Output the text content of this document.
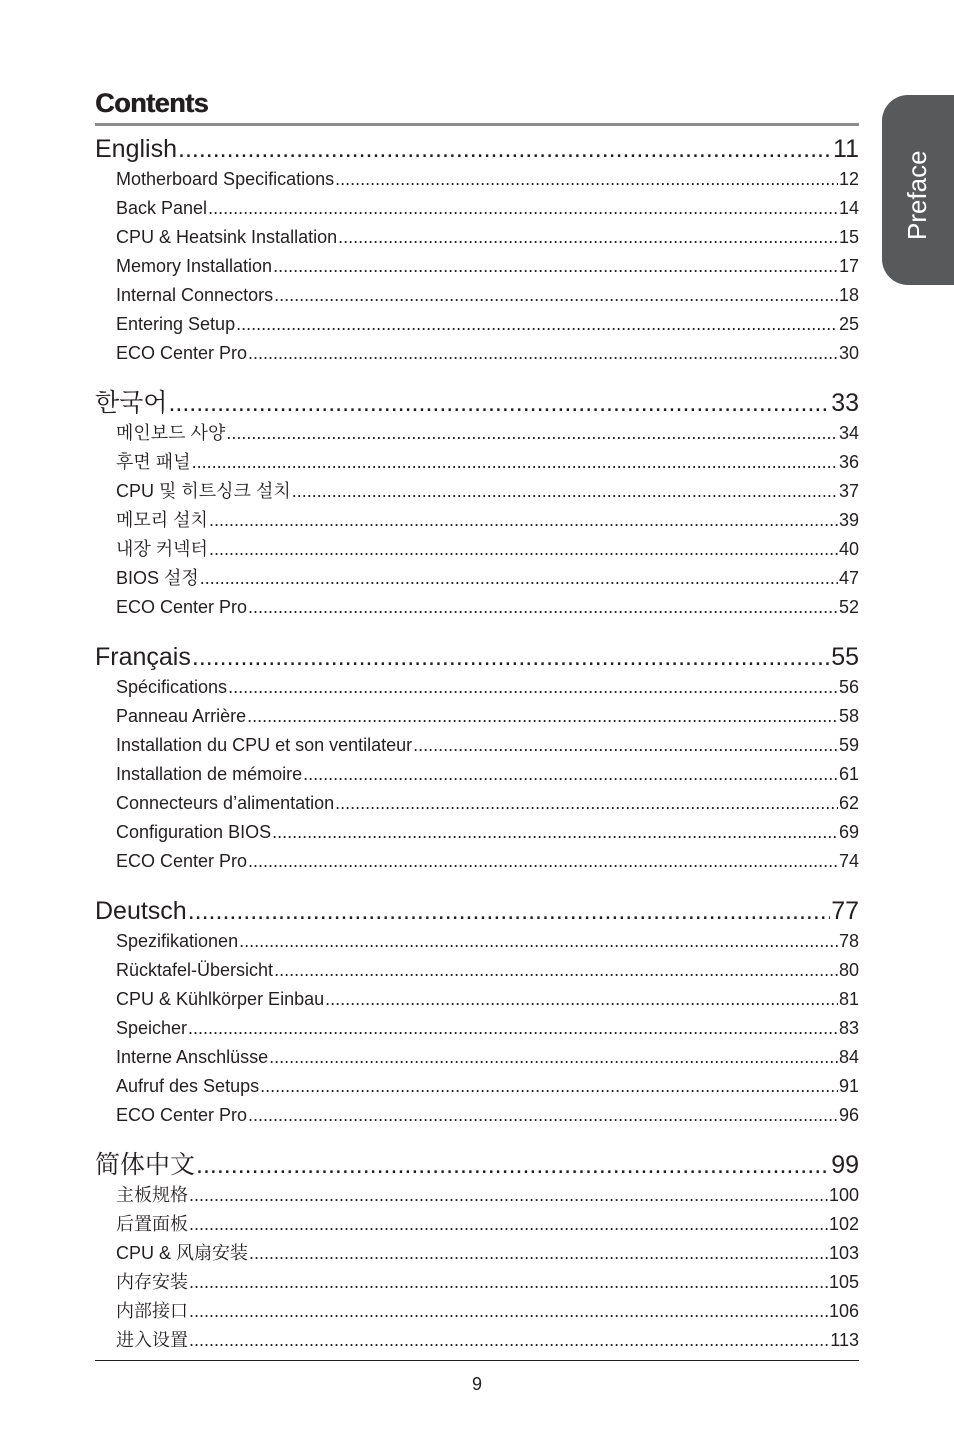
Contents
Preface
English .....	11
Motherboard Specifications .....	12
Back Panel .....	14
CPU & Heatsink Installation .....	15
Memory Installation .....	17
Internal Connectors .....	18
Entering Setup .....	25
ECO Center Pro .....	30
한국어 .....	33
메인보드 사양 .....	34
후면 패널 .....	36
CPU 및 히트싱크 설치 .....	37
메모리 설치 .....	39
내장 커넥터 .....	40
BIOS 설정 .....	47
ECO Center Pro .....	52
Français .....	55
Spécifications .....	56
Panneau Arrière .....	58
Installation du CPU et son ventilateur .....	59
Installation de mémoire .....	61
Connecteurs d’alimentation .....	62
Configuration BIOS .....	69
ECO Center Pro .....	74
Deutsch .....	77
Spezifikationen .....	78
Rücktafel-Übersicht .....	80
CPU & Kühlkörper Einbau .....	81
Speicher .....	83
Interne Anschlüsse .....	84
Aufruf des Setups .....	91
ECO Center Pro .....	96
简体中文 .....	99
主板规格 .....	100
后置面板 .....	102
CPU & 风扇安装 .....	103
内存安装 .....	105
内部接口 .....	106
进入设置 .....	113
9
